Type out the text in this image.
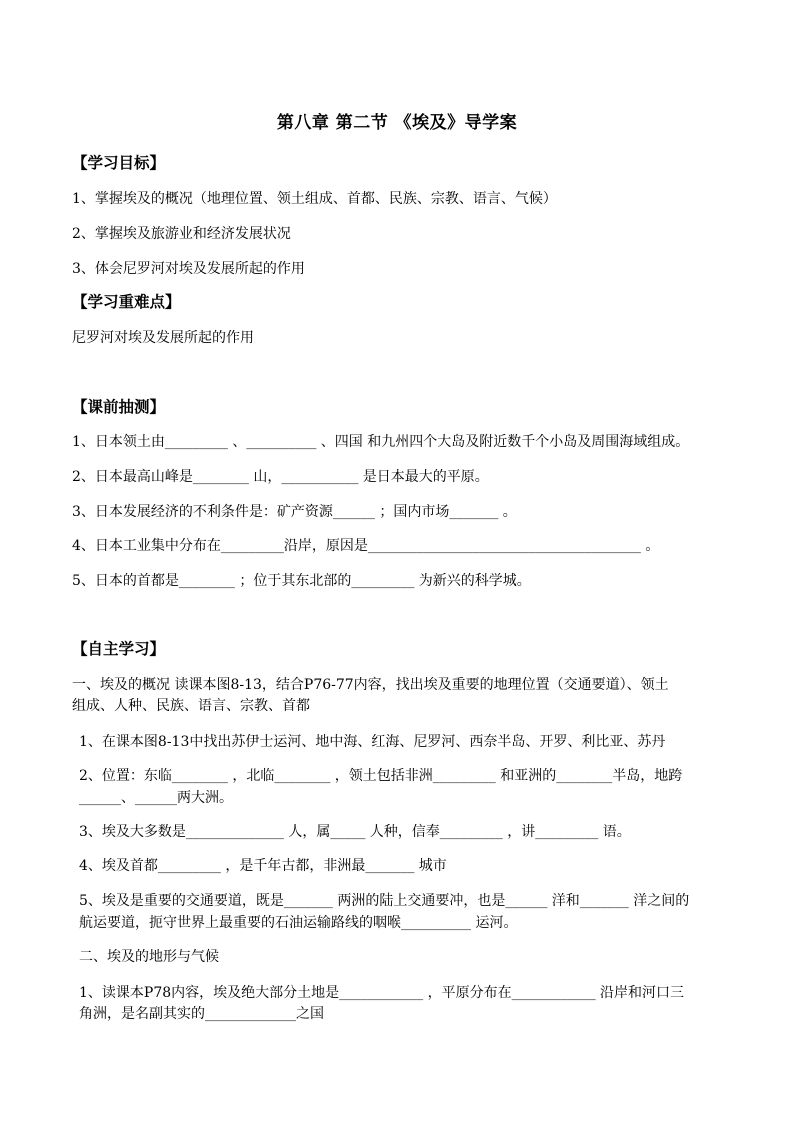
第八章 第二节 《埃及》导学案
【学习目标】
1、掌握埃及的概况（地理位置、领土组成、首都、民族、宗教、语言、气候）
2、掌握埃及旅游业和经济发展状况
3、体会尼罗河对埃及发展所起的作用
【学习重难点】
尼罗河对埃及发展所起的作用
【课前抽测】
1、日本领土由_________ 、__________ 、四国 和九州四个大岛及附近数千个小岛及周围海域组成。
2、日本最高山峰是________ 山，___________ 是日本最大的平原。
3、日本发展经济的不利条件是：矿产资源______ ；国内市场_______ 。
4、日本工业集中分布在_________沿岸，原因是_______________________________________ 。
5、日本的首都是________ ；位于其东北部的_________ 为新兴的科学城。
【自主学习】
一、埃及的概况 读课本图8-13，结合P76-77内容，找出埃及重要的地理位置（交通要道）、领土
组成、人种、民族、语言、宗教、首都
1、在课本图8-13中找出苏伊士运河、地中海、红海、尼罗河、西奈半岛、开罗、利比亚、苏丹
2、位置：东临________ ，北临________ ，领土包括非洲_________ 和亚洲的________半岛，地跨
______、______两大洲。
3、埃及大多数是______________ 人，属_____ 人种，信奉_________ ，讲_________ 语。
4、埃及首都_________ ，是千年古都，非洲最_______ 城市
5、埃及是重要的交通要道，既是_______ 两洲的陆上交通要冲，也是______ 洋和_______ 洋之间的
航运要道，扼守世界上最重要的石油运输路线的咽喉__________ 运河。
二、埃及的地形与气候
1、读课本P78内容，埃及绝大部分土地是____________ ，平原分布在____________ 沿岸和河口三
角洲，是名副其实的_____________之国
